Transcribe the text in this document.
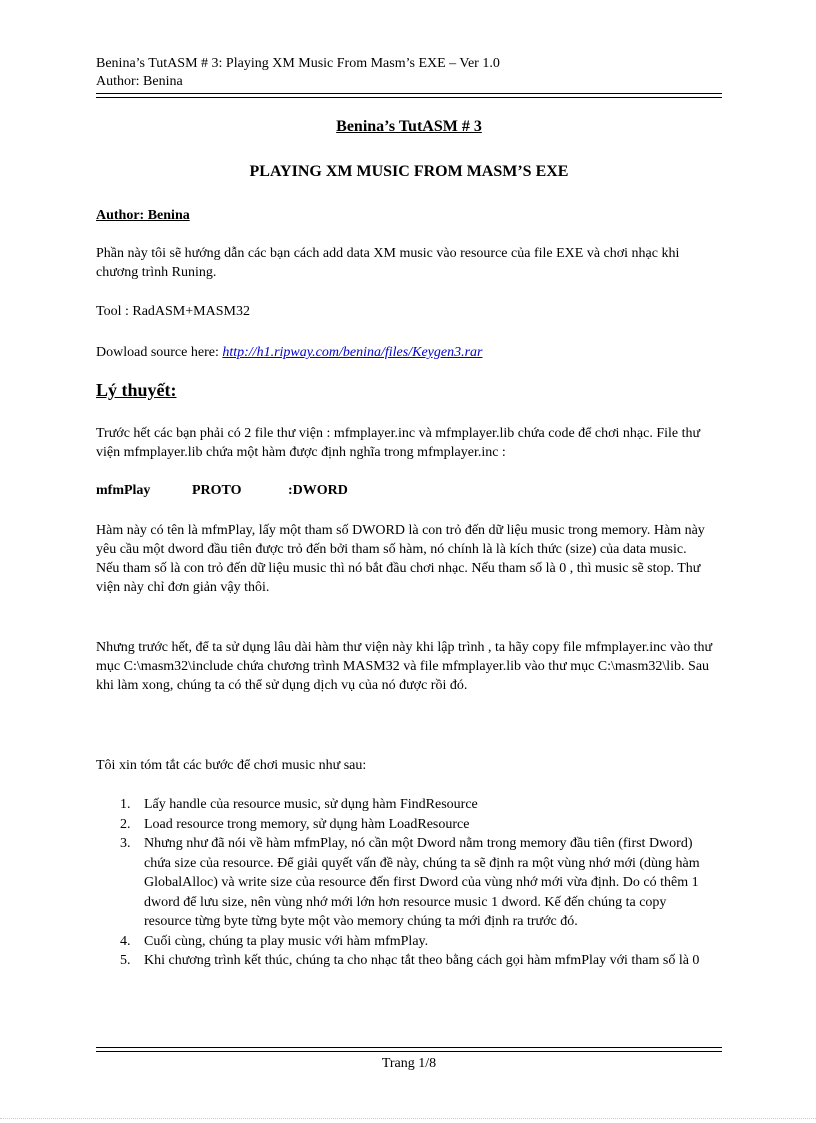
Benina’s TutASM # 3: Playing XM Music From Masm’s EXE – Ver 1.0
Author: Benina
Benina’s TutASM # 3
PLAYING XM MUSIC FROM MASM’S EXE
Author: Benina
Phần này tôi sẽ hướng dẫn các bạn cách add data XM music vào resource của file EXE và chơi nhạc khi chương trình Runing.
Tool : RadASM+MASM32
Dowload source here: http://h1.ripway.com/benina/files/Keygen3.rar
Lý thuyết:
Trước hết các bạn phải có 2 file thư viện : mfmplayer.inc và mfmplayer.lib chứa code để chơi nhạc. File thư viện mfmplayer.lib chứa một hàm được định nghĩa trong mfmplayer.inc :
mfmPlay	PROTO	:DWORD
Hàm này có tên là mfmPlay, lấy một tham số DWORD là con trỏ đến dữ liệu music trong memory. Hàm này yêu cầu một dword đầu tiên được trỏ đến bởi tham số hàm, nó chính là là kích thức (size) của data music.
Nếu tham số là con trỏ đến dữ liệu music thì nó bắt đầu chơi nhạc. Nếu tham số là 0 , thì music sẽ stop. Thư viện này chỉ đơn giản vậy thôi.
Nhưng trước hết, để ta sử dụng lâu dài hàm thư viện này khi lập trình , ta hãy copy file mfmplayer.inc vào thư mục C:\masm32\include chứa chương trình MASM32 và file mfmplayer.lib vào thư mục C:\masm32\lib. Sau khi làm xong, chúng ta có thể sử dụng dịch vụ của nó được rồi đó.
Tôi xin tóm tắt các bước để chơi music như sau:
1. Lấy handle của resource music, sử dụng hàm FindResource
2. Load resource trong memory, sử dụng hàm LoadResource
3. Nhưng như đã nói về hàm mfmPlay, nó cần một Dword nằm trong memory đầu tiên (first Dword) chứa size của resource. Để giải quyết vấn đề này, chúng ta sẽ định ra một vùng nhớ mới (dùng hàm GlobalAlloc) và write size của resource đến first Dword của vùng nhớ mới vừa định. Do có thêm 1 dword để lưu size, nên vùng nhớ mới lớn hơn resource music 1 dword. Kế đến chúng ta copy resource từng byte từng byte một vào memory chúng ta mới định ra trước đó.
4. Cuối cùng, chúng ta play music với hàm mfmPlay.
5. Khi chương trình kết thúc, chúng ta cho nhạc tắt theo bằng cách gọi hàm mfmPlay với tham số là 0
Trang 1/8
